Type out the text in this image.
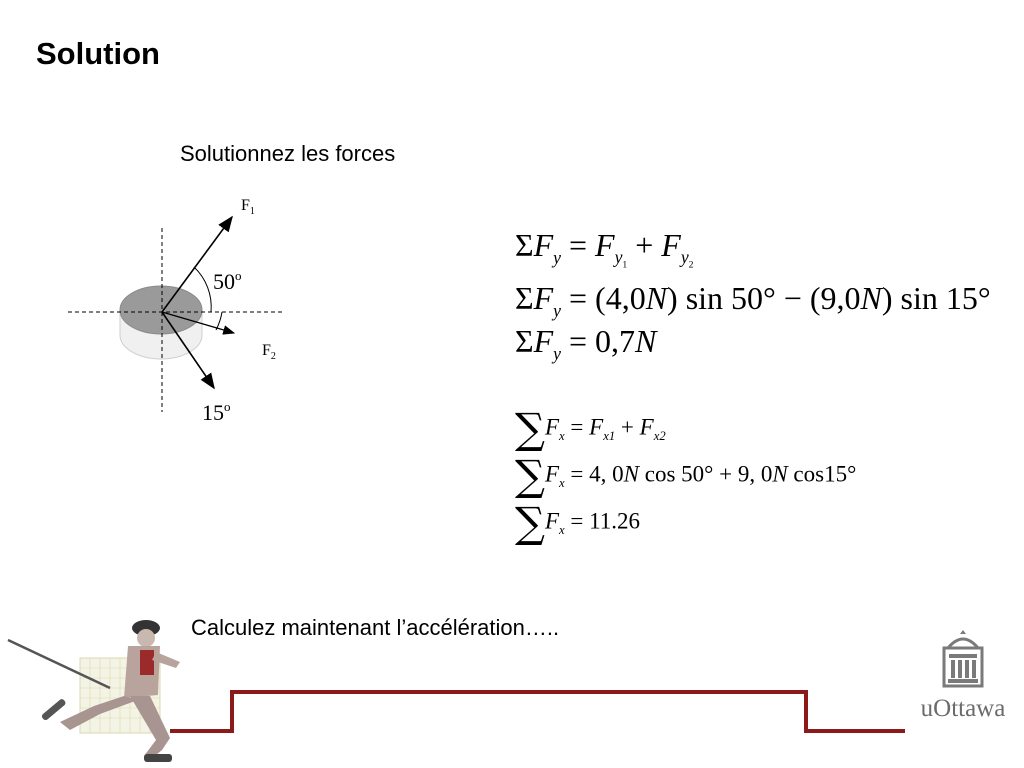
Solution
Solutionnez les forces
$F_1$
50$^o$
$F_2$
15$^o$
$\Sigma F_y = F_{y_1} + F_{y_2}$
$\Sigma F_y = (4,0N)$ sin 50° − (9,0N) sin 15°
$\Sigma F_y = 0,7N$
$\sum F_x = F_{x1} + F_{x2}$
$\sum F_x = 4$, 0N cos 50° + 9, 0N cos15°
$\sum F_x = 11.26$
Calculez maintenant l’accélération…..
uOttawa
